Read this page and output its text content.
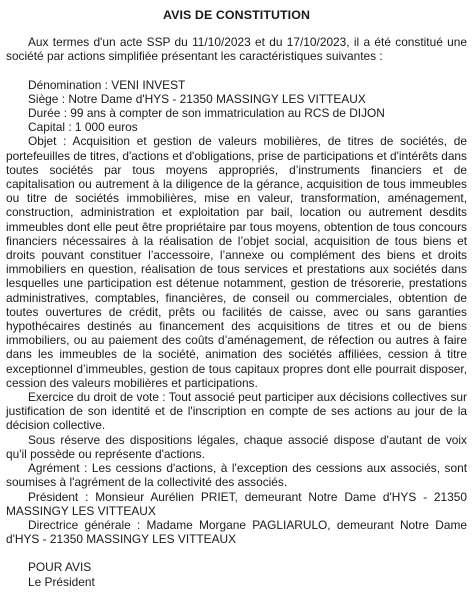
AVIS DE CONSTITUTION

Aux termes d'un acte SSP du 11/10/2023 et du 17/10/2023, il a été constitué une société par actions simplifiée présentant les caractéristiques suivantes :

Dénomination : VENI INVEST

Siège : Notre Dame d'HYS - 21350 MASSINGY LES VITTEAUX

Durée : 99 ans à compter de son immatriculation au RCS de DIJON

Capital : 1 000 euros

Objet : Acquisition et gestion de valeurs mobilières, de titres de sociétés, de portefeuilles de titres, d'actions et d'obligations, prise de participations et d'intérêts dans toutes sociétés par tous moyens appropriés, d’instruments financiers et de capitalisation ou autrement à la diligence de la gérance, acquisition de tous immeubles ou titre de sociétés immobilières, mise en valeur, transformation, aménagement, construction, administration et exploitation par bail, location ou autrement desdits immeubles dont elle peut être propriétaire par tous moyens, obtention de tous concours financiers nécessaires à la réalisation de l’objet social, acquisition de tous biens et droits pouvant constituer l’accessoire, l’annexe ou complément des biens et droits immobiliers en question, réalisation de tous services et prestations aux sociétés dans lesquelles une participation est détenue notamment, gestion de trésorerie, prestations administratives, comptables, financières, de conseil ou commerciales, obtention de toutes ouvertures de crédit, prêts ou facilités de caisse, avec ou sans garanties hypothécaires destinés au financement des acquisitions de titres et ou de biens immobiliers, ou au paiement des coûts d’aménagement, de réfection ou autres à faire dans les immeubles de la société, animation des sociétés affiliées, cession à titre exceptionnel d’immeubles, gestion de tous capitaux propres dont elle pourrait disposer, cession des valeurs mobilières et participations.

Exercice du droit de vote : Tout associé peut participer aux décisions collectives sur justification de son identité et de l'inscription en compte de ses actions au jour de la décision collective.

Sous réserve des dispositions légales, chaque associé dispose d'autant de voix qu'il possède ou représente d'actions.

Agrément : Les cessions d'actions, à l'exception des cessions aux associés, sont soumises à l'agrément de la collectivité des associés.

Président : Monsieur Aurélien PRIET, demeurant Notre Dame d'HYS - 21350 MASSINGY LES VITTEAUX

Directrice générale : Madame Morgane PAGLIARULO, demeurant Notre Dame d'HYS - 21350 MASSINGY LES VITTEAUX

POUR AVIS

Le Président
